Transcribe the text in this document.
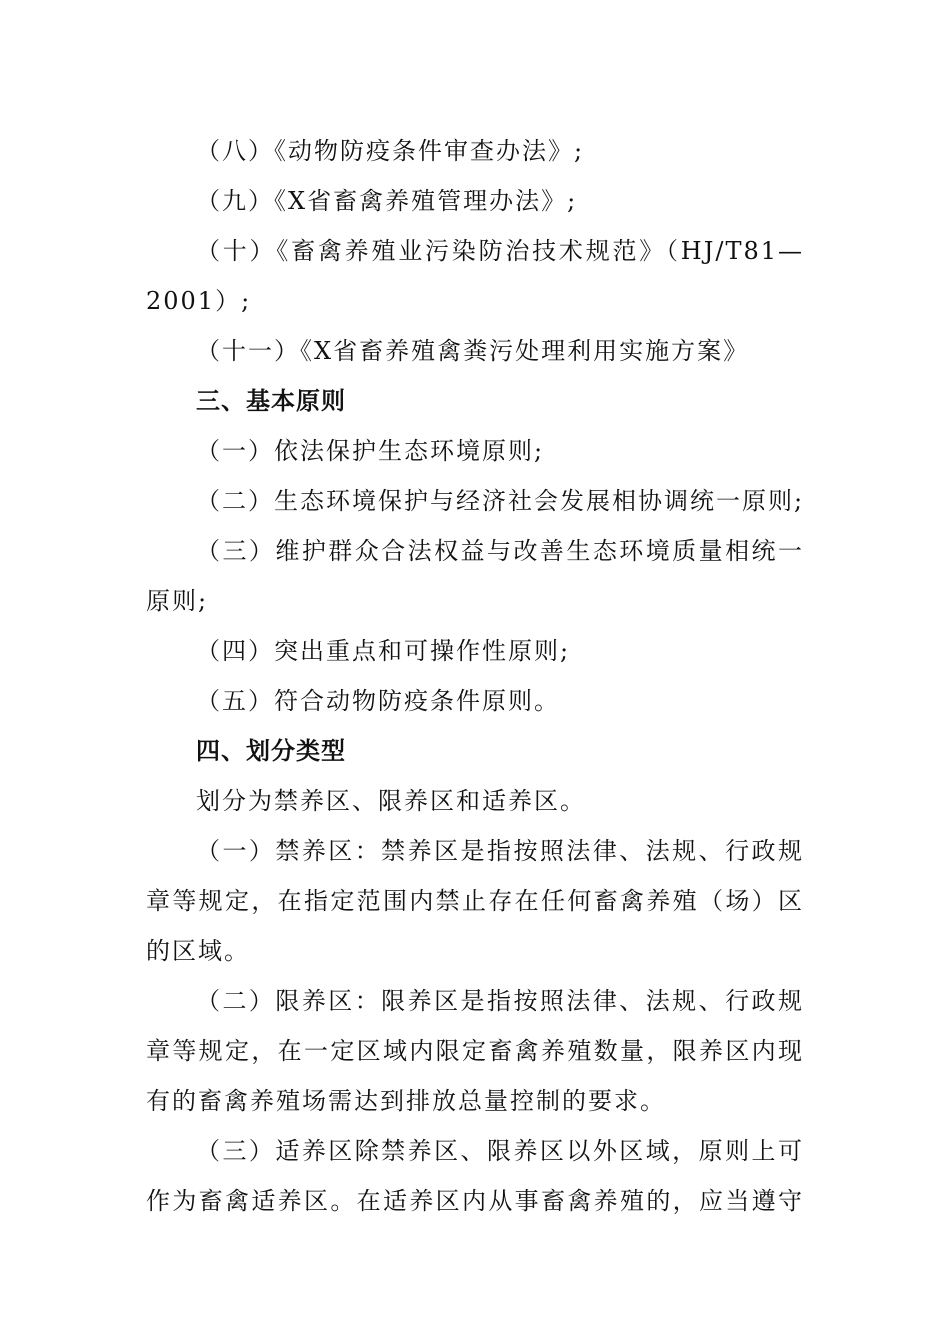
（八）《动物防疫条件审查办法》;
（九）《X省畜禽养殖管理办法》;
（十）《畜禽养殖业污染防治技术规范》（HJ/T81—
2001）;
（十一）《X省畜养殖禽粪污处理利用实施方案》
三、基本原则
（一）依法保护生态环境原则;
（二）生态环境保护与经济社会发展相协调统一原则;
（三）维护群众合法权益与改善生态环境质量相统一
原则;
（四）突出重点和可操作性原则;
（五）符合动物防疫条件原则。
四、划分类型
划分为禁养区、限养区和适养区。
（一）禁养区：禁养区是指按照法律、法规、行政规
章等规定，在指定范围内禁止存在任何畜禽养殖（场）区
的区域。
（二）限养区：限养区是指按照法律、法规、行政规
章等规定，在一定区域内限定畜禽养殖数量，限养区内现
有的畜禽养殖场需达到排放总量控制的要求。
（三）适养区除禁养区、限养区以外区域，原则上可
作为畜禽适养区。在适养区内从事畜禽养殖的，应当遵守
